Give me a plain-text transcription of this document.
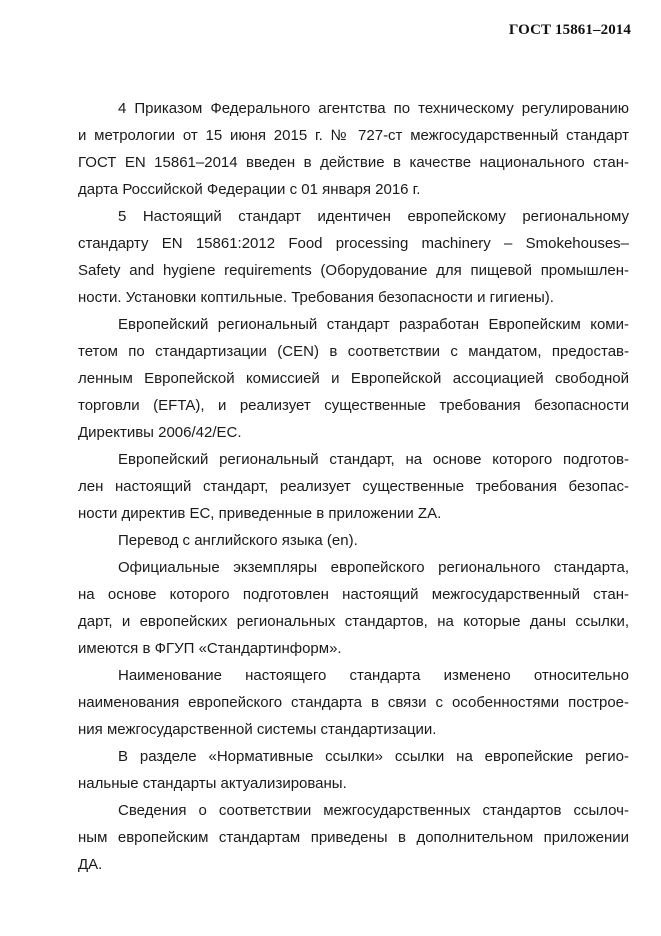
ГОСТ 15861–2014
4 Приказом Федерального агентства по техническому регулированию
и метрологии от 15 июня 2015 г. № 727-ст межгосударственный стандарт
ГОСТ EN 15861–2014 введен в действие в качестве национального стан-
дарта Российской Федерации с 01 января 2016 г.
5 Настоящий стандарт идентичен европейскому региональному
стандарту EN 15861:2012 Food processing machinery – Smokehouses–
Safety and hygiene requirements (Оборудование для пищевой промышлен-
ности. Установки коптильные. Требования безопасности и гигиены).
Европейский региональный стандарт разработан Европейским коми-
тетом по стандартизации (CEN) в соответствии с мандатом, предостав-
ленным Европейской комиссией и Европейской ассоциацией свободной
торговли (EFTA), и реализует существенные требования безопасности
Директивы 2006/42/ЕС.
Европейский региональный стандарт, на основе которого подготов-
лен настоящий стандарт, реализует существенные требования безопас-
ности директив ЕС, приведенные в приложении ZA.
Перевод с английского языка (en).
Официальные экземпляры европейского регионального стандарта,
на основе которого подготовлен настоящий межгосударственный стан-
дарт, и европейских региональных стандартов, на которые даны ссылки,
имеются в ФГУП «Стандартинформ».
Наименование настоящего стандарта изменено относительно
наименования европейского стандарта в связи с особенностями построе-
ния межгосударственной системы стандартизации.
В разделе «Нормативные ссылки» ссылки на европейские регио-
нальные стандарты актуализированы.
Сведения о соответствии межгосударственных стандартов ссылоч-
ным европейским стандартам приведены в дополнительном приложении
ДА.
